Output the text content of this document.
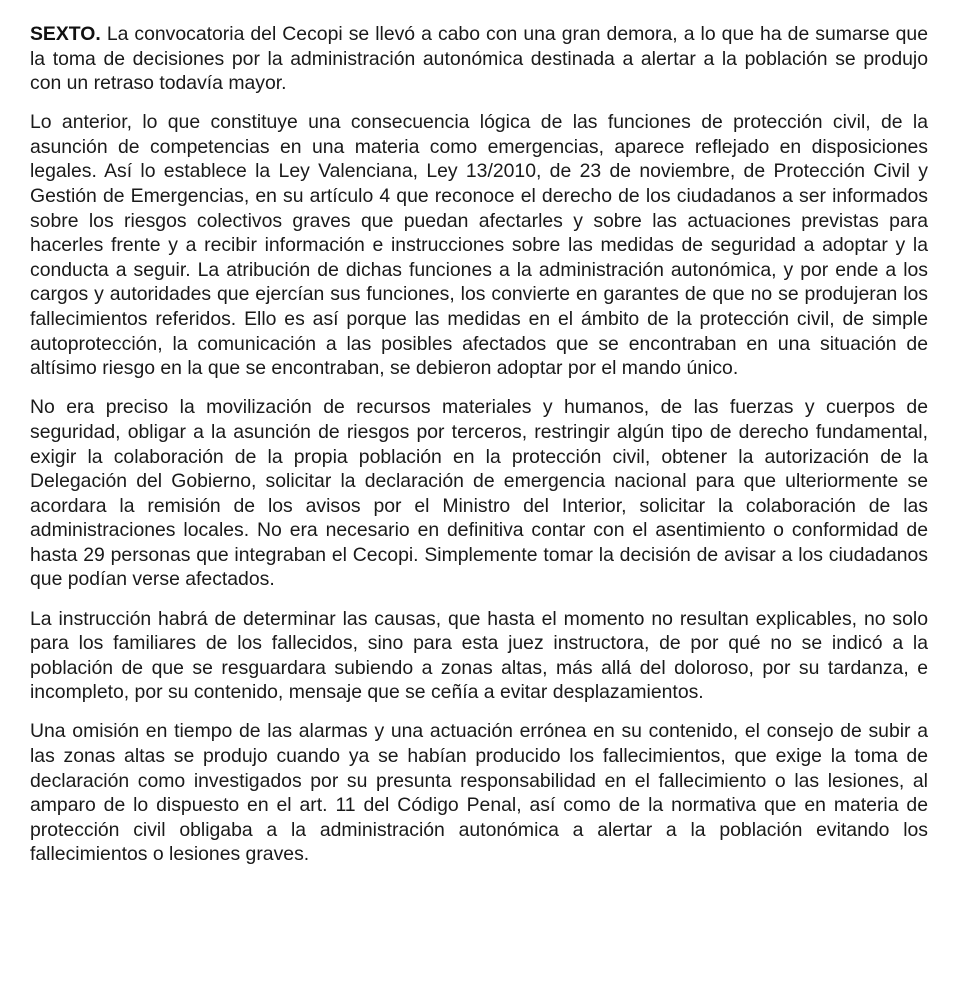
SEXTO. La convocatoria del Cecopi se llevó a cabo con una gran demora, a lo que ha de sumarse que la toma de decisiones por la administración autonómica destinada a alertar a la población se produjo con un retraso todavía mayor.

Lo anterior, lo que constituye una consecuencia lógica de las funciones de protección civil, de la asunción de competencias en una materia como emergencias, aparece reflejado en disposiciones legales. Así lo establece la Ley Valenciana, Ley 13/2010, de 23 de noviembre, de Protección Civil y Gestión de Emergencias, en su artículo 4 que reconoce el derecho de los ciudadanos a ser informados sobre los riesgos colectivos graves que puedan afectarles y sobre las actuaciones previstas para hacerles frente y a recibir información e instrucciones sobre las medidas de seguridad a adoptar y la conducta a seguir. La atribución de dichas funciones a la administración autonómica, y por ende a los cargos y autoridades que ejercían sus funciones, los convierte en garantes de que no se produjeran los fallecimientos referidos. Ello es así porque las medidas en el ámbito de la protección civil, de simple autoprotección, la comunicación a las posibles afectados que se encontraban en una situación de altísimo riesgo en la que se encontraban, se debieron adoptar por el mando único.

No era preciso la movilización de recursos materiales y humanos, de las fuerzas y cuerpos de seguridad, obligar a la asunción de riesgos por terceros, restringir algún tipo de derecho fundamental, exigir la colaboración de la propia población en la protección civil, obtener la autorización de la Delegación del Gobierno, solicitar la declaración de emergencia nacional para que ulteriormente se acordara la remisión de los avisos por el Ministro del Interior, solicitar la colaboración de las administraciones locales. No era necesario en definitiva contar con el asentimiento o conformidad de hasta 29 personas que integraban el Cecopi. Simplemente tomar la decisión de avisar a los ciudadanos que podían verse afectados.

La instrucción habrá de determinar las causas, que hasta el momento no resultan explicables, no solo para los familiares de los fallecidos, sino para esta juez instructora, de por qué no se indicó a la población de que se resguardara subiendo a zonas altas, más allá del doloroso, por su tardanza, e incompleto, por su contenido, mensaje que se ceñía a evitar desplazamientos.

Una omisión en tiempo de las alarmas y una actuación errónea en su contenido, el consejo de subir a las zonas altas se produjo cuando ya se habían producido los fallecimientos, que exige la toma de declaración como investigados por su presunta responsabilidad en el fallecimiento o las lesiones, al amparo de lo dispuesto en el art. 11 del Código Penal, así como de la normativa que en materia de protección civil obligaba a la administración autonómica a alertar a la población evitando los fallecimientos o lesiones graves.
